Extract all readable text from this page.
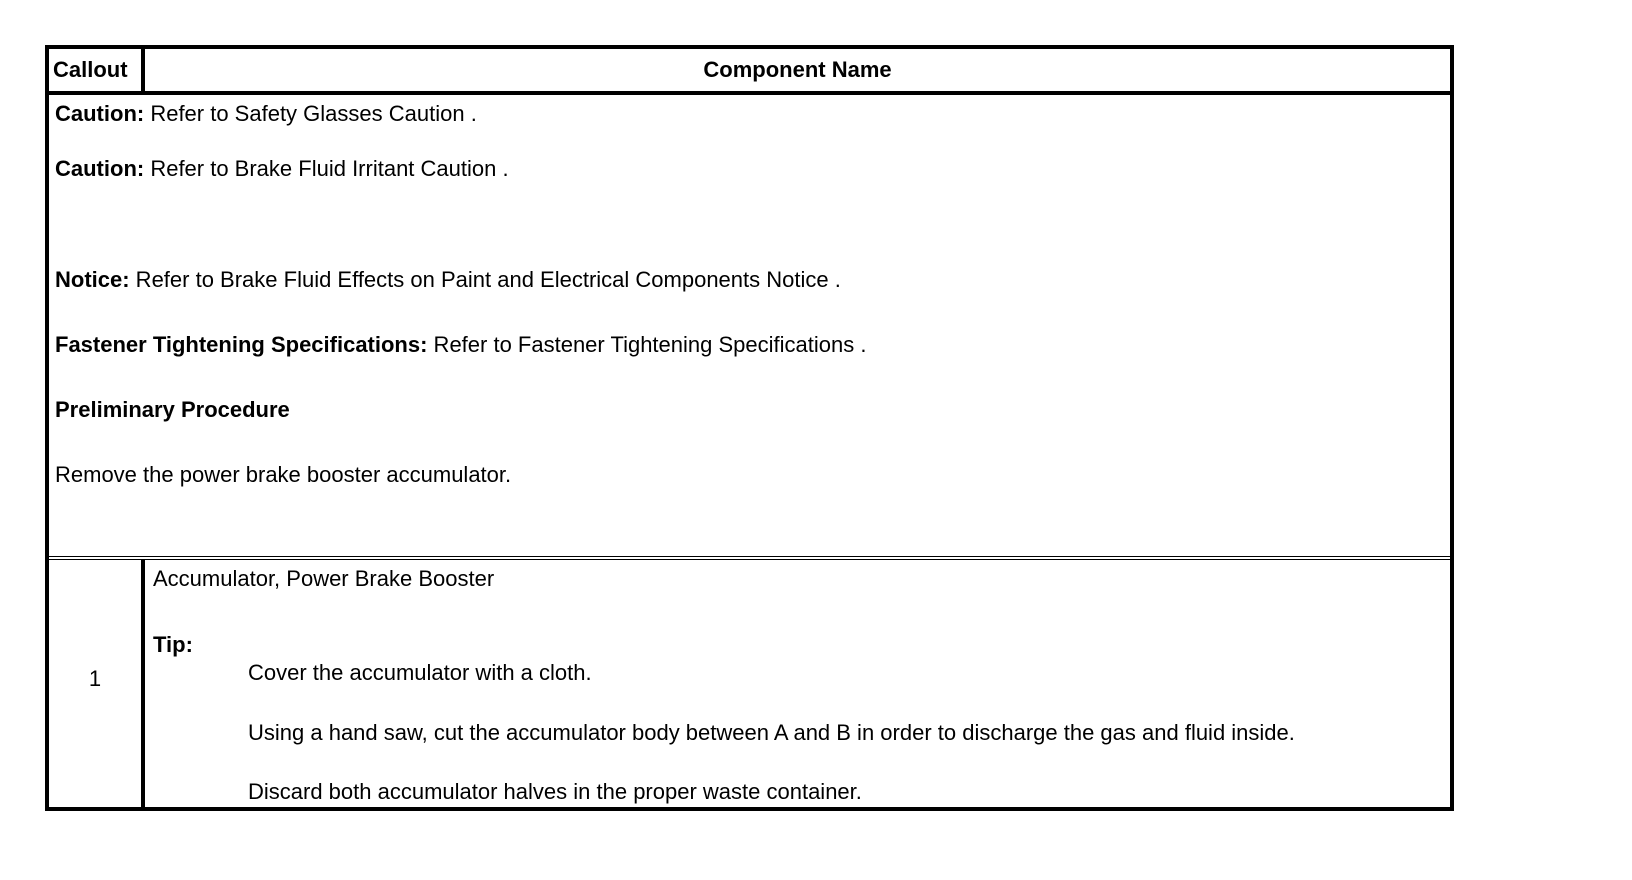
Callout	Component Name
Caution: Refer to Safety Glasses Caution .
Caution: Refer to Brake Fluid Irritant Caution .
Notice: Refer to Brake Fluid Effects on Paint and Electrical Components Notice .
Fastener Tightening Specifications: Refer to Fastener Tightening Specifications .
Preliminary Procedure
Remove the power brake booster accumulator.
1
Accumulator, Power Brake Booster
Tip:
Cover the accumulator with a cloth.
Using a hand saw, cut the accumulator body between A and B in order to discharge the gas and fluid inside.
Discard both accumulator halves in the proper waste container.
